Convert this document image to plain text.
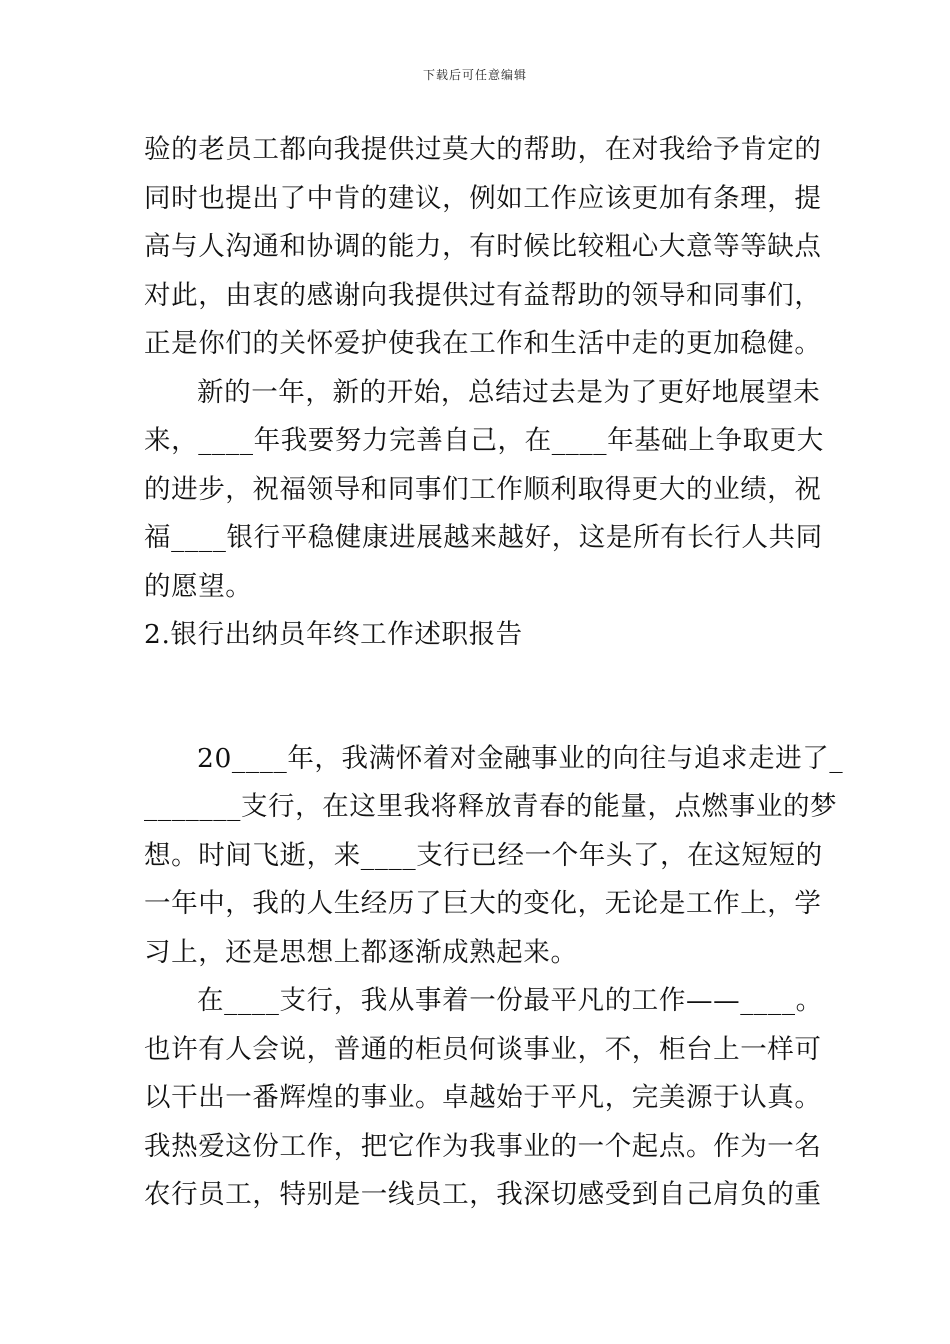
下载后可任意编辑
验的老员工都向我提供过莫大的帮助，在对我给予肯定的
同时也提出了中肯的建议，例如工作应该更加有条理，提
高与人沟通和协调的能力，有时候比较粗心大意等等缺点
对此，由衷的感谢向我提供过有益帮助的领导和同事们，
正是你们的关怀爱护使我在工作和生活中走的更加稳健。
新的一年，新的开始，总结过去是为了更好地展望未
来，____年我要努力完善自己，在____年基础上争取更大
的进步，祝福领导和同事们工作顺利取得更大的业绩，祝
福____银行平稳健康进展越来越好，这是所有长行人共同
的愿望。
2.银行出纳员年终工作述职报告
20____年，我满怀着对金融事业的向往与追求走进了_
_______支行，在这里我将释放青春的能量，点燃事业的梦
想。时间飞逝，来____支行已经一个年头了，在这短短的
一年中，我的人生经历了巨大的变化，无论是工作上，学
习上，还是思想上都逐渐成熟起来。
在____支行，我从事着一份最平凡的工作——____。
也许有人会说，普通的柜员何谈事业，不，柜台上一样可
以干出一番辉煌的事业。卓越始于平凡，完美源于认真。
我热爱这份工作，把它作为我事业的一个起点。作为一名
农行员工，特别是一线员工，我深切感受到自己肩负的重
